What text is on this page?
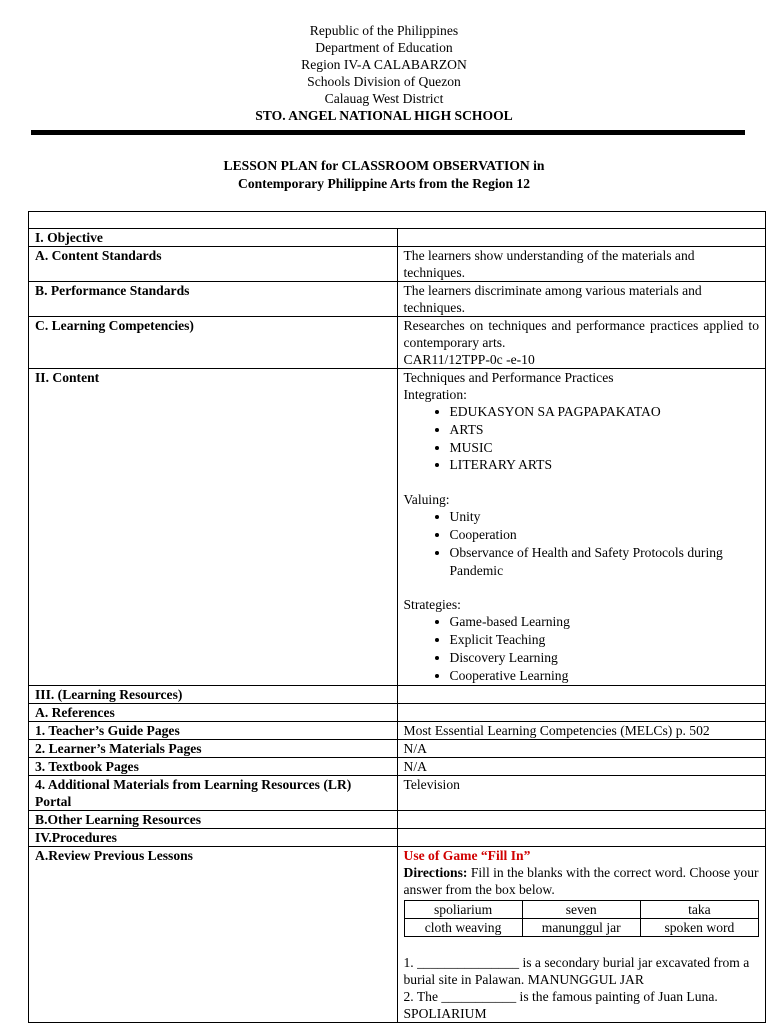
Republic of the Philippines
Department of Education
Region IV-A CALABARZON
Schools Division of Quezon
Calauag West District
STO. ANGEL NATIONAL HIGH SCHOOL
LESSON PLAN for CLASSROOM OBSERVATION in
Contemporary Philippine Arts from the Region 12

I. Objective	
A. Content Standards	The learners show understanding of the materials and techniques.
B. Performance Standards	The learners discriminate among various materials and techniques.
C. Learning Competencies)	Researches on techniques and performance practices applied to contemporary arts.
CAR11/12TPP-0c -e-10

II. Content	Techniques and Performance Practices
Integration:
• EDUKASYON SA PAGPAPAKATAO
• ARTS
• MUSIC
• LITERARY ARTS
Valuing:
• Unity
• Cooperation
• Observance of Health and Safety Protocols during Pandemic
Strategies:
• Game-based Learning
• Explicit Teaching
• Discovery Learning
• Cooperative Learning

III. (Learning Resources)	
A. References	
1. Teacher’s Guide Pages	Most Essential Learning Competencies (MELCs) p. 502
2. Learner’s Materials Pages	N/A
3. Textbook Pages	N/A
4. Additional Materials from Learning Resources (LR) Portal	Television
B.Other Learning Resources	
IV.Procedures	
A.Review Previous Lessons	Use of Game “Fill In”
Directions: Fill in the blanks with the correct word. Choose your answer from the box below.
spoliarium	seven	taka
cloth weaving	manunggul jar	spoken word
1. _______________ is a secondary burial jar excavated from a burial site in Palawan. MANUNGGUL JAR
2. The ___________ is the famous painting of Juan Luna. SPOLIARIUM
